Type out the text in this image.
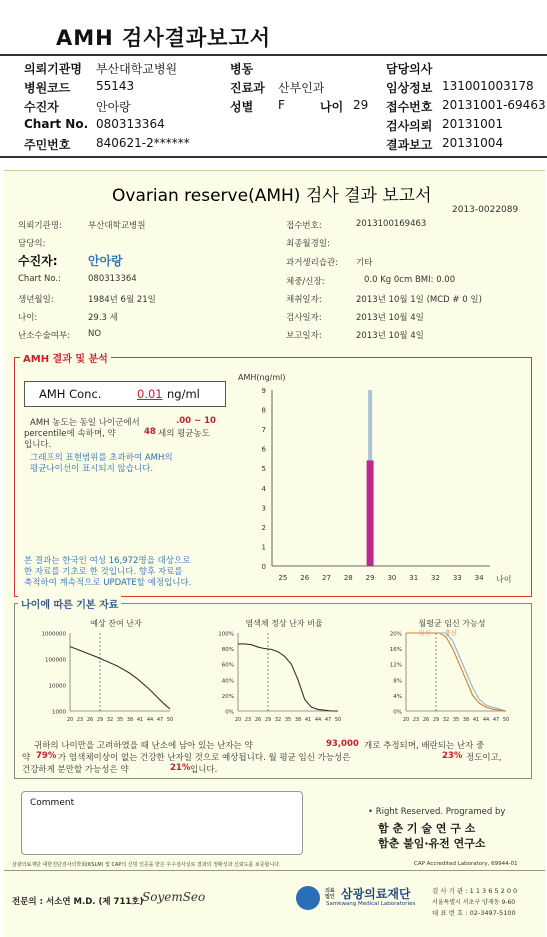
AMH 검사결과보고서
의뢰기관명 부산대학교병원	병동	담당의사
병원코드 55143	진료과 산부인과	임상정보 131001003178
수진자	안아랑	성별 F	나이 29 접수번호 20131001-69463
Chart No. 080313364	검사의뢰 20131001
주민번호 840621-2******	결과보고 20131004
Ovarian reserve(AMH) 검사 결과 보고서
2013-0022089
의뢰기관명:	부산대학교병원
담당의:
수진자:	안아랑
Chart No.:	080313364
생년월일:	1984년 6월 21일
나이:	29.3 세
난소수술여부: NO
접수번호:	2013100169463
최종월경일:
과거생리습관: 기타
체중/신장:	0.0 Kg 0cm BMI: 0.00
채취일자:	2013년 10월 1일 (MCD # 0 일)
검사일자:	2013년 10월 4일
보고일자:	2013년 10월 4일
AMH 결과 및 분석
AMH Conc.	0.01 ng/ml
AMH 농도는 동일 나이군에서	.00 ~ 10
percentile에 속하며, 약	48 세의 평균농도
입니다.
그래프의 표현범위를 초과하여 AMH의
평균나이선이 표시되지 않습니다.
본 결과는 한국인 여성 16,972명을 대상으로
한 자료를 기초로 한 것입니다. 향후 자료를
축적하여 계속적으로 UPDATE할 예정입니다.
AMH(ng/ml)
0
1
2
3
4
5
6
7
8
9
25 26 27 28 29 30 31 32 33 34 나이
나이에 따른 기본 자료
예상 잔여 난자
1000000
100000
10000
1000
20 23 26 29 32 35 38 41 44 47 50
염색체 정상 난자 비율
100%
80%
60%
40%
20%
0%
20 23 26 29 32 35 38 41 44 47 50
월평균 임신 가능성
- 임신 - 출산
20%
16%
12%
8%
4%
0%
20 23 26 29 32 35 38 41 44 47 50
귀하의 나이만을 고려하였을 때 난소에 남아 있는 난자는 약	93,000 개로 추정되며, 배란되는 난자 중
약 79% 가 염색체이상이 없는 건강한 난자일 것으로 예상됩니다. 월 평균 임신 가능성은	23% 정도이고,
건강하게 분만할 가능성은 약	21% 입니다.
Comment
• Right Reserved. Programed by
함 춘 기 술 연 구 소
함춘 불임·유전 연구소
삼광의료재단 대한진단검사의학회(KSLM) 및 CAP의 신빙 인증을 받은 우수검사실로 결과의 정확성과 신뢰도를 보증합니다.	CAP Accredited Laboratory, 69944-01
전문의 : 서소연 M.D. (제 711호)
SoyemSeo	의료
법인 삼광의료재단
Samkwang Medical Laboratories
검 사 기 관 : 1 1 3 6 5 2 0 0
서울특별시 서초구 양재동 9-60
대 표 번 호 : 02-3497-5100
